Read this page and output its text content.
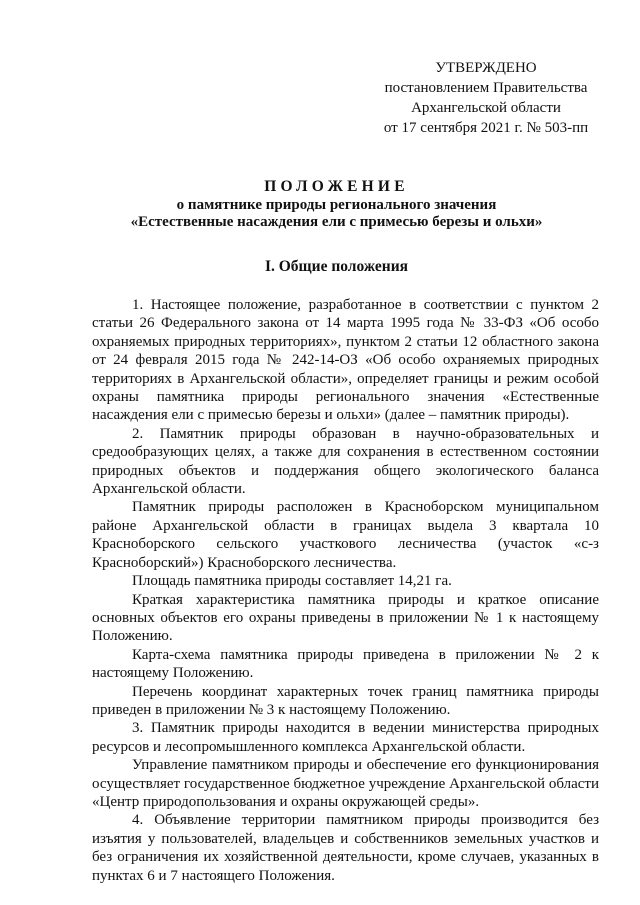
УТВЕРЖДЕНО
постановлением Правительства
Архангельской области
от 17 сентября 2021 г. № 503-пп
ПОЛОЖЕНИЕ
о памятнике природы регионального значения
«Естественные насаждения ели с примесью березы и ольхи»
I. Общие положения

1. Настоящее положение, разработанное в соответствии с пунктом 2 статьи 26 Федерального закона от 14 марта 1995 года № 33-ФЗ «Об особо охраняемых природных территориях», пунктом 2 статьи 12 областного закона от 24 февраля 2015 года № 242-14-ОЗ «Об особо охраняемых природных территориях в Архангельской области», определяет границы и режим особой охраны памятника природы регионального значения «Естественные насаждения ели с примесью березы и ольхи» (далее – памятник природы).

2. Памятник природы образован в научно-образовательных и средообразующих целях, а также для сохранения в естественном состоянии природных объектов и поддержания общего экологического баланса Архангельской области.

Памятник природы расположен в Красноборском муниципальном районе Архангельской области в границах выдела 3 квартала 10 Красноборского сельского участкового лесничества (участок «с-з Красноборский») Красноборского лесничества.

Площадь памятника природы составляет 14,21 га.

Краткая характеристика памятника природы и краткое описание основных объектов его охраны приведены в приложении № 1 к настоящему Положению.

Карта-схема памятника природы приведена в приложении № 2 к настоящему Положению.

Перечень координат характерных точек границ памятника природы приведен в приложении № 3 к настоящему Положению.

3. Памятник природы находится в ведении министерства природных ресурсов и лесопромышленного комплекса Архангельской области.

Управление памятником природы и обеспечение его функционирования осуществляет государственное бюджетное учреждение Архангельской области «Центр природопользования и охраны окружающей среды».

4. Объявление территории памятником природы производится без изъятия у пользователей, владельцев и собственников земельных участков и без ограничения их хозяйственной деятельности, кроме случаев, указанных в пунктах 6 и 7 настоящего Положения.
